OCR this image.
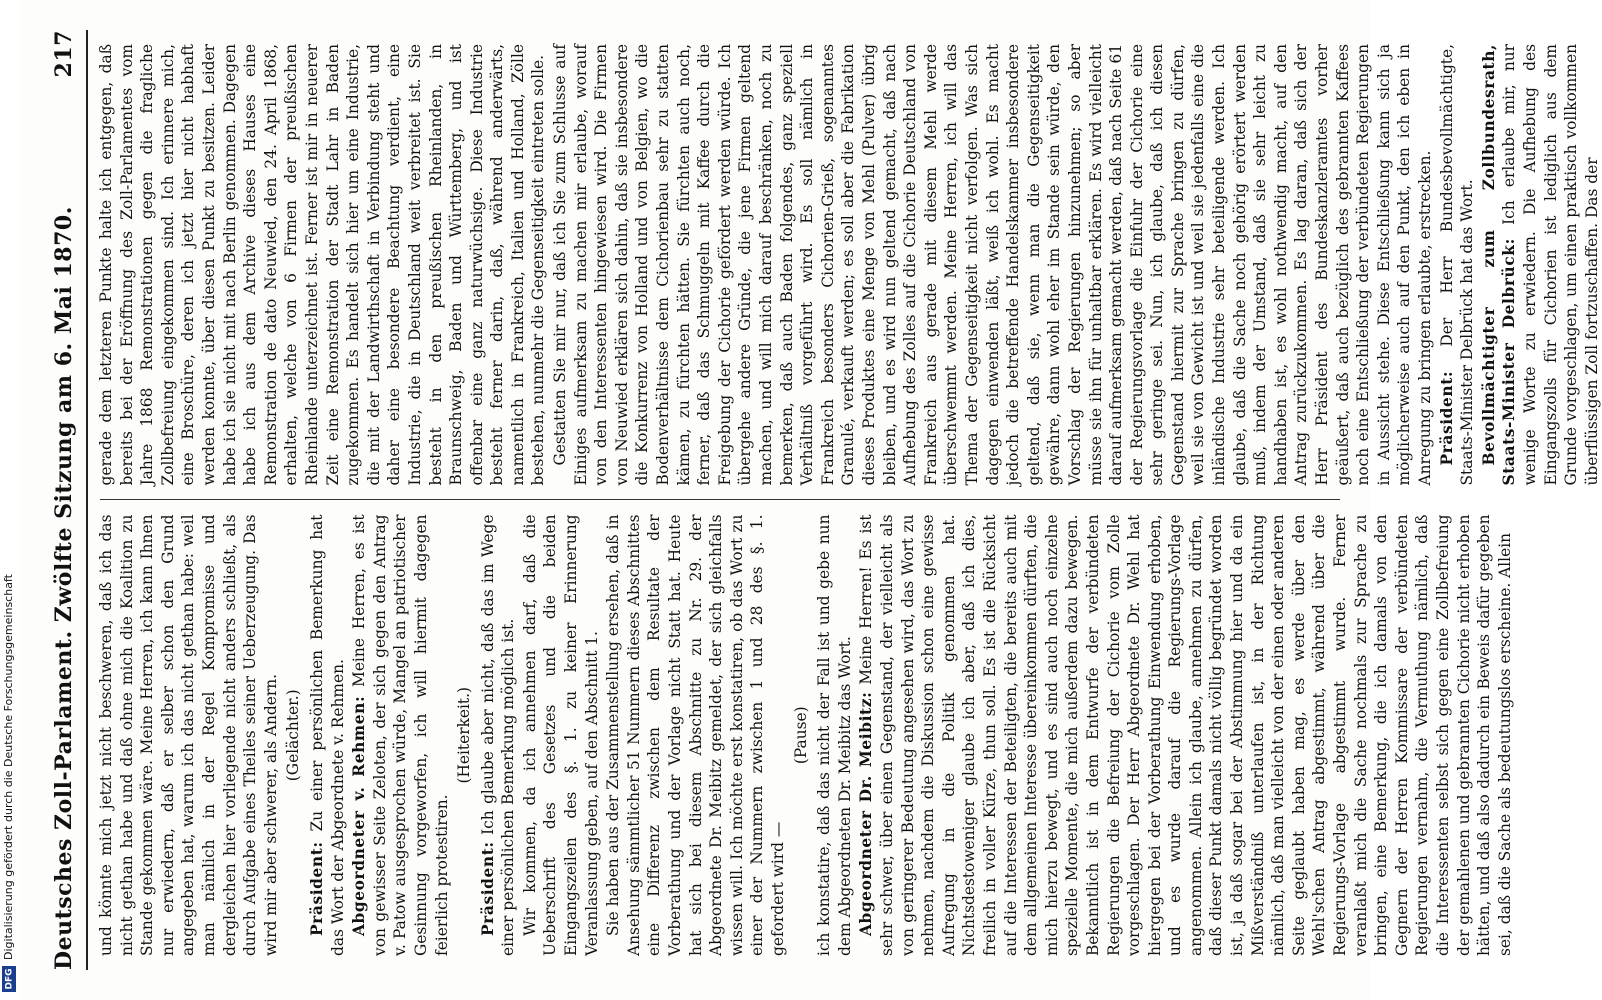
Digitalisierung gefördert durch die Deutsche Forschungsgemeinschaft
DFG
Deutsches Zoll-Parlament. Zwölfte Sitzung am 6. Mai 1870.
217

und könnte mich jetzt nicht beschweren, daß ich das nicht gethan habe und daß ohne mich die Koalition zu Stande gekommen wäre. Meine Herren, ich kann Ihnen nur erwiedern, daß er selber schon den Grund angegeben hat, warum ich das nicht gethan habe: weil man nämlich in der Regel Kompromisse und dergleichen hier vorliegende nicht anders schließt, als durch Aufgabe eines Theiles seiner Ueberzeugung. Das wird mir aber schwerer, als Andern. (Gelächter.)

Präsident: Zu einer persönlichen Bemerkung hat das Wort der Abgeordnete v. Rehmen. Abgeordneter v. Rehmen: Meine Herren, es ist von gewisser Seite Zeloten, der sich gegen den Antrag v. Patow ausgesprochen würde, Mangel an patriotischer Gesinnung vorgeworfen, ich will hiermit dagegen feierlich protestiren.

(Heiterkeit.)

Präsident: Ich glaube aber nicht, daß das im Wege einer persönlichen Bemerkung möglich ist. Wir kommen, da ich annehmen darf, daß die Ueberschrift des Gesetzes und die beiden Eingangszeilen des §. 1. zu keiner Erinnerung Veranlassung geben, auf den Abschnitt 1. Sie haben aus der Zusammenstellung ersehen, daß in Ansehung sämmtlicher 51 Nummern dieses Abschnittes eine Differenz zwischen dem Resultate der Vorberathung und der Vorlage nicht Statt hat. Heute hat sich bei diesem Abschnitte zu Nr. 29. der Abgeordnete Dr. Meibitz gemeldet, der sich gleichfalls wissen will. Ich möchte erst konstatiren, ob das Wort zu einer der Nummern zwischen 1 und 28 des §. 1. gefordert wird —

(Pause) ich konstatire, daß das nicht der Fall ist und gebe nun dem Abgeordneten Dr. Meibitz das Wort. Abgeordneter Dr. Meibitz: Meine Herren! Es ist sehr schwer, über einen Gegenstand, der vielleicht als von geringerer Bedeutung angesehen wird, das Wort zu nehmen, nachdem die Diskussion schon eine gewisse Aufregung in die Politik genommen hat. Nichtsdestoweniger glaube ich aber, daß ich dies, freilich in voller Kürze, thun soll. Es ist die Rücksicht auf die Interessen der Beteiligten, die bereits auch mit dem allgemeinen Interesse übereinkommen dürften, die mich hierzu bewegt, und es sind auch noch einzelne spezielle Momente, die mich außerdem dazu bewegen. Bekanntlich ist in dem Entwurfe der verbündeten Regierungen die Befreiung der Cichorie vom Zolle vorgeschlagen. Der Herr Abgeordnete Dr. Wehl hat hiergegen bei der Vorberathung Einwendung erhoben, und es wurde darauf die Regierungs-Vorlage angenommen. Allein ich glaube, annehmen zu dürfen, daß dieser Punkt damals nicht völlig begründet worden ist, ja daß sogar bei der Abstimmung hier und da ein Mißverständniß unterlaufen ist, in der Richtung nämlich, daß man vielleicht von der einen oder anderen Seite geglaubt haben mag, es werde über den Wehl'schen Antrag abgestimmt, während über die Regierungs-Vorlage abgestimmt wurde. Ferner veranlaßt mich die Sache nochmals zur Sprache zu bringen, eine Bemerkung, die ich damals von den Gegnern der Herren Kommissare der verbündeten Regierungen vernahm, die Vermuthung nämlich, daß die Interessenten selbst sich gegen eine Zollbefreiung der gemahlenen und gebrannten Cichorie nicht erhoben hätten, und daß also dadurch ein Beweis dafür gegeben sei, daß die Sache als bedeutungslos erscheine. Allein

gerade dem letzteren Punkte halte ich entgegen, daß bereits bei der Eröffnung des Zoll-Parlamentes vom Jahre 1868 Remonstrationen gegen die fragliche Zollbefreiung eingekommen sind. Ich erinnere mich, eine Broschüre, deren ich jetzt hier nicht habhaft werden konnte, über diesen Punkt zu besitzen. Leider habe ich sie nicht mit nach Berlin genommen. Dagegen habe ich aus dem Archive dieses Hauses eine Remonstration de dato Neuwied, den 24. April 1868, erhalten, welche von 6 Firmen der preußischen Rheinlande unterzeichnet ist. Ferner ist mir in neuerer Zeit eine Remonstration der Stadt Lahr in Baden zugekommen. Es handelt sich hier um eine Industrie, die mit der Landwirthschaft in Verbindung steht und daher eine besondere Beachtung verdient, eine Industrie, die in Deutschland weit verbreitet ist. Sie besteht in den preußischen Rheinlanden, in Braunschweig, Baden und Württemberg, und ist offenbar eine ganz naturwüchsige. Diese Industrie besteht ferner darin, daß, während anderwärts, namentlich in Frankreich, Italien und Holland, Zölle bestehen, nunmehr die Gegenseitigkeit eintreten solle. Gestatten Sie mir nur, daß ich Sie zum Schlusse auf Einiges aufmerksam zu machen mir erlaube, worauf von den Interessenten hingewiesen wird. Die Firmen von Neuwied erklären sich dahin, daß sie insbesondere die Konkurrenz von Holland und von Belgien, wo die Bodenverhältnisse dem Cichorienbau sehr zu statten kämen, zu fürchten hätten. Sie fürchten auch noch, ferner, daß das Schmuggeln mit Kaffee durch die Freigebung der Cichorie gefördert werden würde. Ich übergehe andere Gründe, die jene Firmen geltend machen, und will mich darauf beschränken, noch zu bemerken, daß auch Baden folgendes, ganz speziell Verhältniß vorgeführt wird. Es soll nämlich in Frankreich besonders Cichorien-Grieß, sogenanntes Granulé, verkauft werden; es soll aber die Fabrikation dieses Produktes eine Menge von Mehl (Pulver) übrig bleiben, und es wird nun geltend gemacht, daß nach Aufhebung des Zolles auf die Cichorie Deutschland von Frankreich aus gerade mit diesem Mehl werde überschwemmt werden. Meine Herren, ich will das Thema der Gegenseitigkeit nicht verfolgen. Was sich dagegen einwenden läßt, weiß ich wohl. Es macht jedoch die betreffende Handelskammer insbesondere geltend, daß sie, wenn man die Gegenseitigkeit gewähre, dann wohl eher im Stande sein würde, den Vorschlag der Regierungen hinzunehmen; so aber müsse sie ihn für unhaltbar erklären. Es wird vielleicht darauf aufmerksam gemacht werden, daß nach Seite 61 der Regierungsvorlage die Einfuhr der Cichorie eine sehr geringe sei. Nun, ich glaube, daß ich diesen Gegenstand hiermit zur Sprache bringen zu dürfen, weil sie von Gewicht ist und weil sie jedenfalls eine die inländische Industrie sehr beteiligende werden. Ich glaube, daß die Sache noch gehörig erörtert werden muß, indem der Umstand, daß sie sehr leicht zu handhaben ist, es wohl nothwendig macht, auf den Antrag zurückzukommen. Es lag daran, daß sich der Herr Präsident des Bundeskanzleramtes vorher geäußert, daß auch bezüglich des gebrannten Kaffees noch eine Entschließung der verbündeten Regierungen in Aussicht stehe. Diese Entschließung kann sich ja möglicherweise auch auf den Punkt, den ich eben in Anregung zu bringen erlaubte, erstrecken. Präsident: Der Herr Bundesbevollmächtigte, Staats-Minister Delbrück hat das Wort. Bevollmächtigter zum Zollbundesrath, Staats-Minister Delbrück: Ich erlaube mir, nur wenige Worte zu erwiedern. Die Aufhebung des Eingangszolls für Cichorien ist lediglich aus dem Grunde vorgeschlagen, um einen praktisch vollkommen überflüssigen Zoll fortzuschaffen. Das der
